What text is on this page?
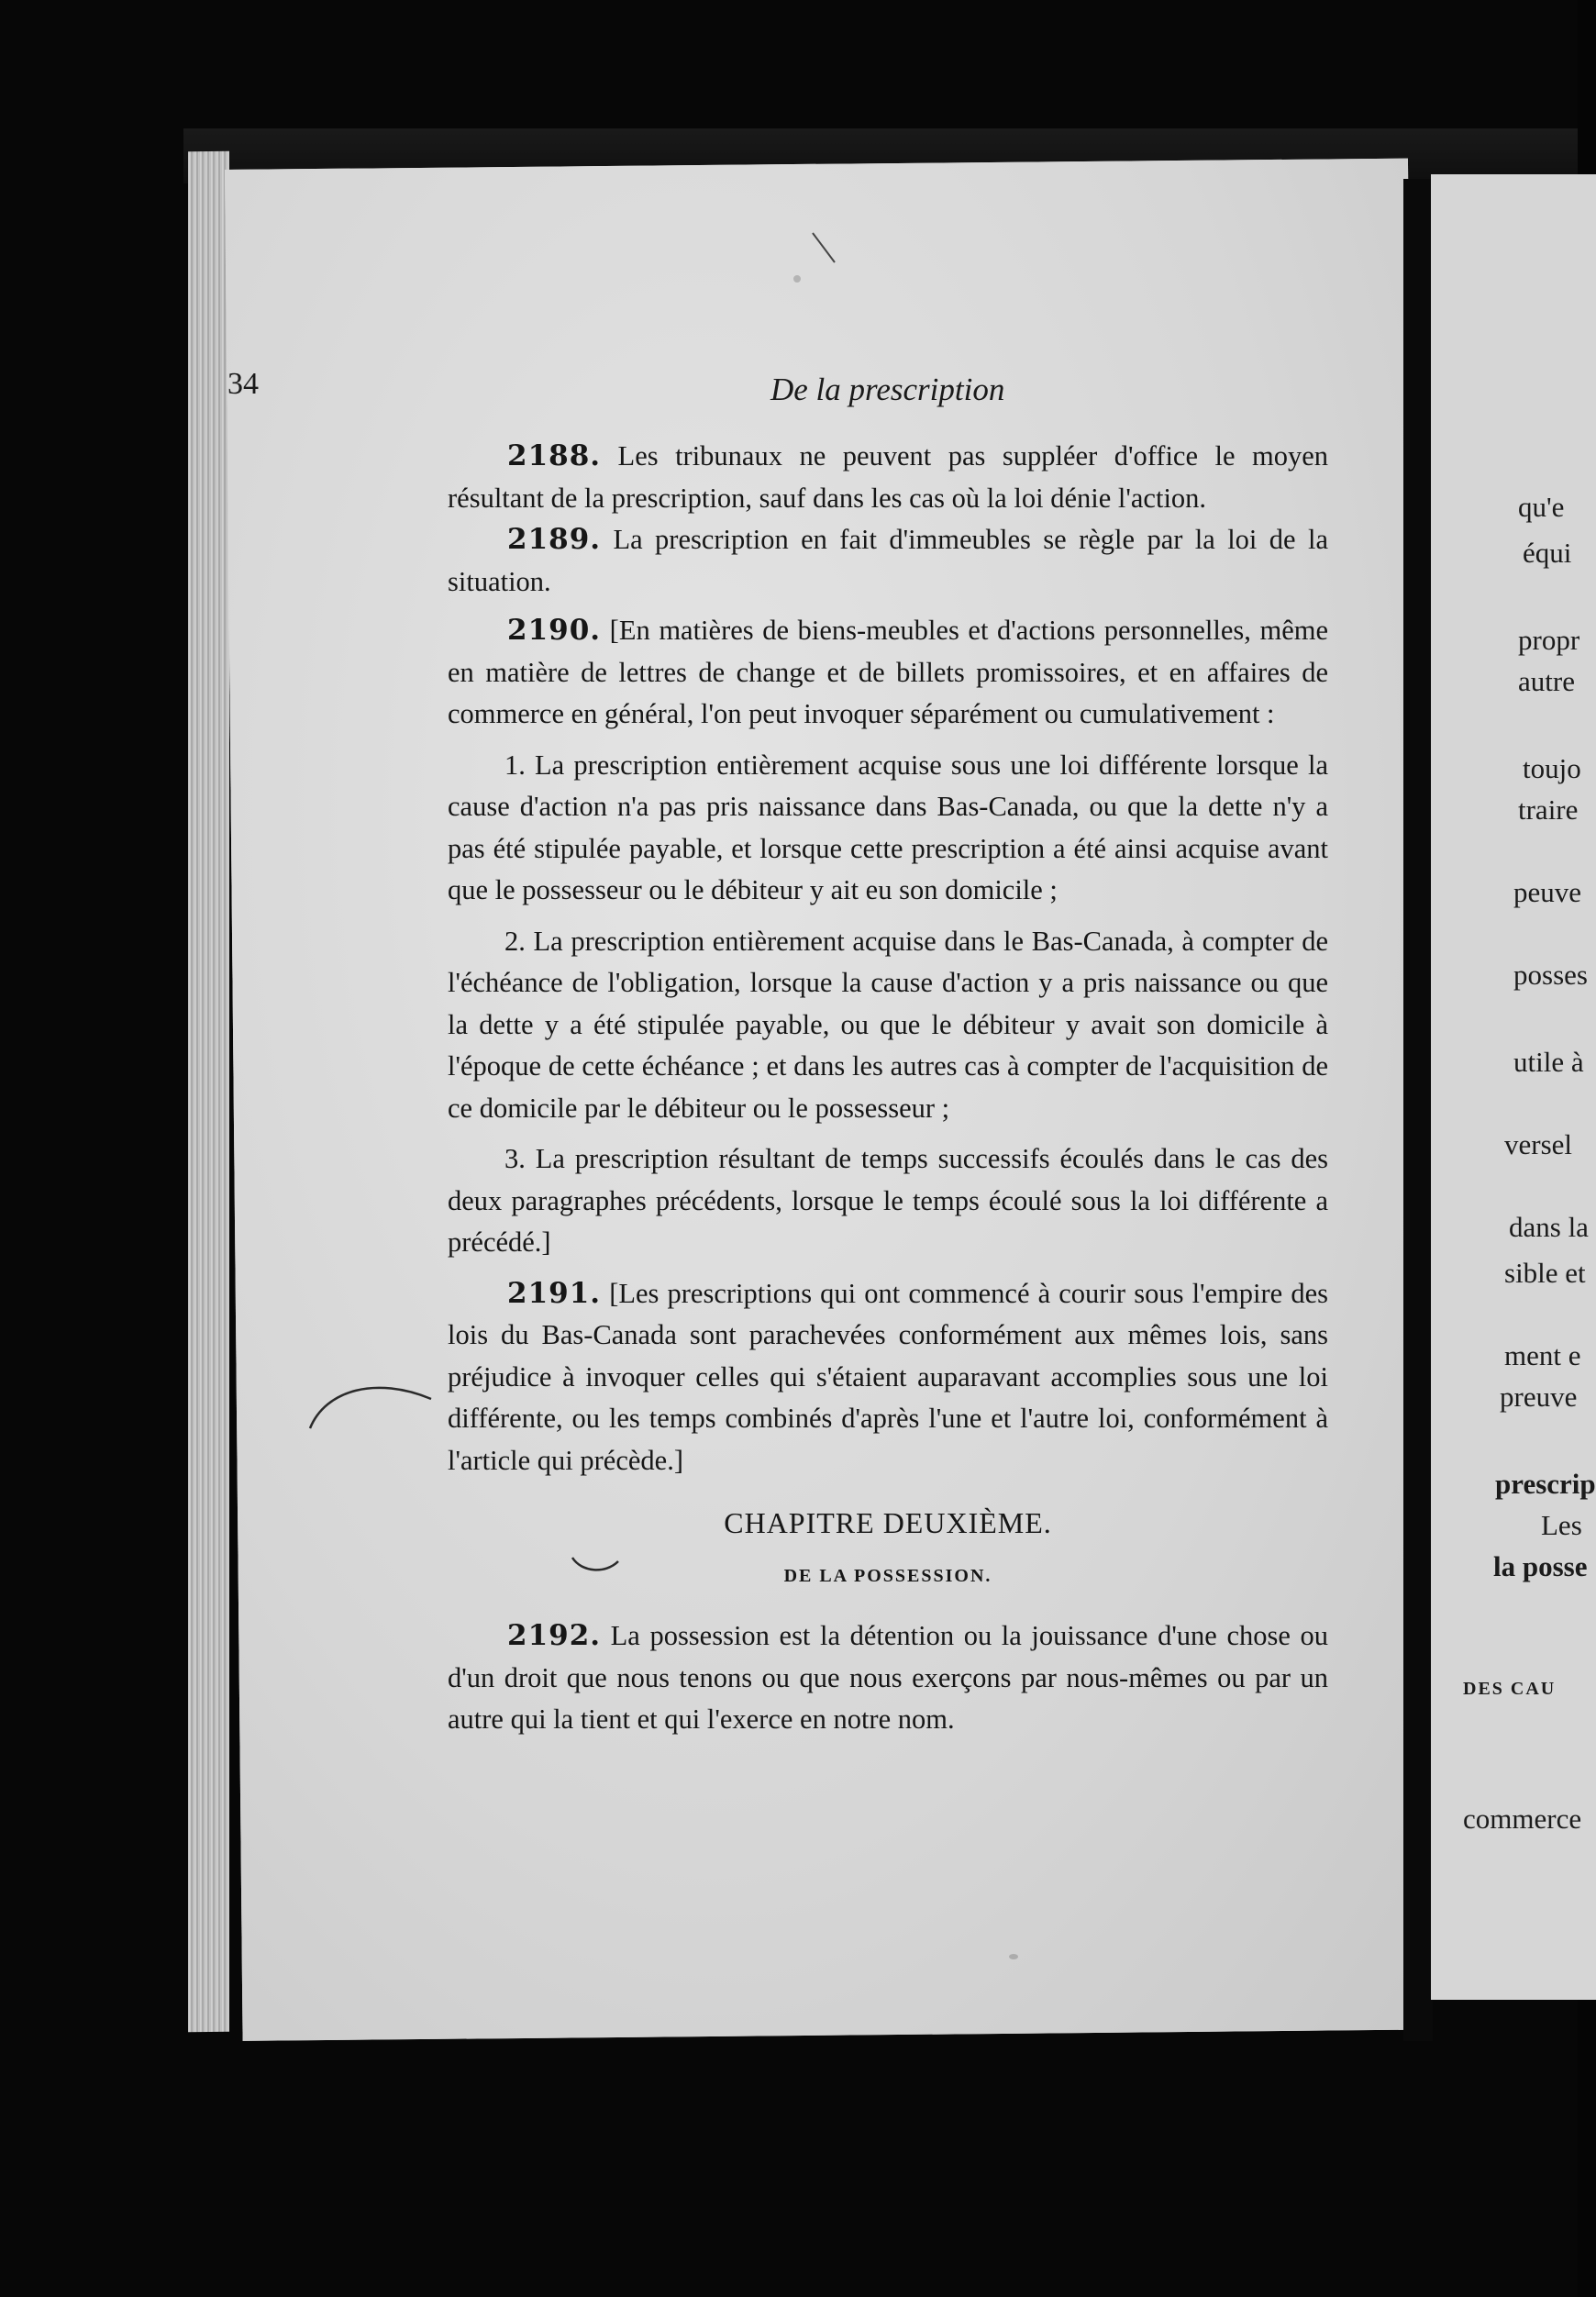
qu'e
équi
propr
autre
toujo
traire
peuve
posses
utile à
versel
dans la
sible et
ment e
preuve
prescrip
Les
la posse
DES CAU
commerce
34	De la prescription

2188. Les tribunaux ne peuvent pas suppléer d'office le moyen résultant de la prescription, sauf dans les cas où la loi dénie l'action.

2189. La prescription en fait d'immeubles se règle par la loi de la situation.

2190. [En matières de biens-meubles et d'actions personnelles, même en matière de lettres de change et de billets promissoires, et en affaires de commerce en général, l'on peut invoquer séparément ou cumulativement :

1. La prescription entièrement acquise sous une loi différente lorsque la cause d'action n'a pas pris naissance dans Bas-Canada, ou que la dette n'y a pas été stipulée payable, et lorsque cette prescription a été ainsi acquise avant que le possesseur ou le débiteur y ait eu son domicile ;

2. La prescription entièrement acquise dans le Bas-Canada, à compter de l'échéance de l'obligation, lorsque la cause d'action y a pris naissance ou que la dette y a été stipulée payable, ou que le débiteur y avait son domicile à l'époque de cette échéance ; et dans les autres cas à compter de l'acquisition de ce domicile par le débiteur ou le possesseur ;

3. La prescription résultant de temps successifs écoulés dans le cas des deux paragraphes précédents, lorsque le temps écoulé sous la loi différente a précédé.]

2191. [Les prescriptions qui ont commencé à courir sous l'empire des lois du Bas-Canada sont parachevées conformément aux mêmes lois, sans préjudice à invoquer celles qui s'étaient auparavant accomplies sous une loi différente, ou les temps combinés d'après l'une et l'autre loi, conformément à l'article qui précède.]

CHAPITRE DEUXIÈME.
DE LA POSSESSION.

2192. La possession est la détention ou la jouissance d'une chose ou d'un droit que nous tenons ou que nous exerçons par nous-mêmes ou par un autre qui la tient et qui l'exerce en notre nom.
